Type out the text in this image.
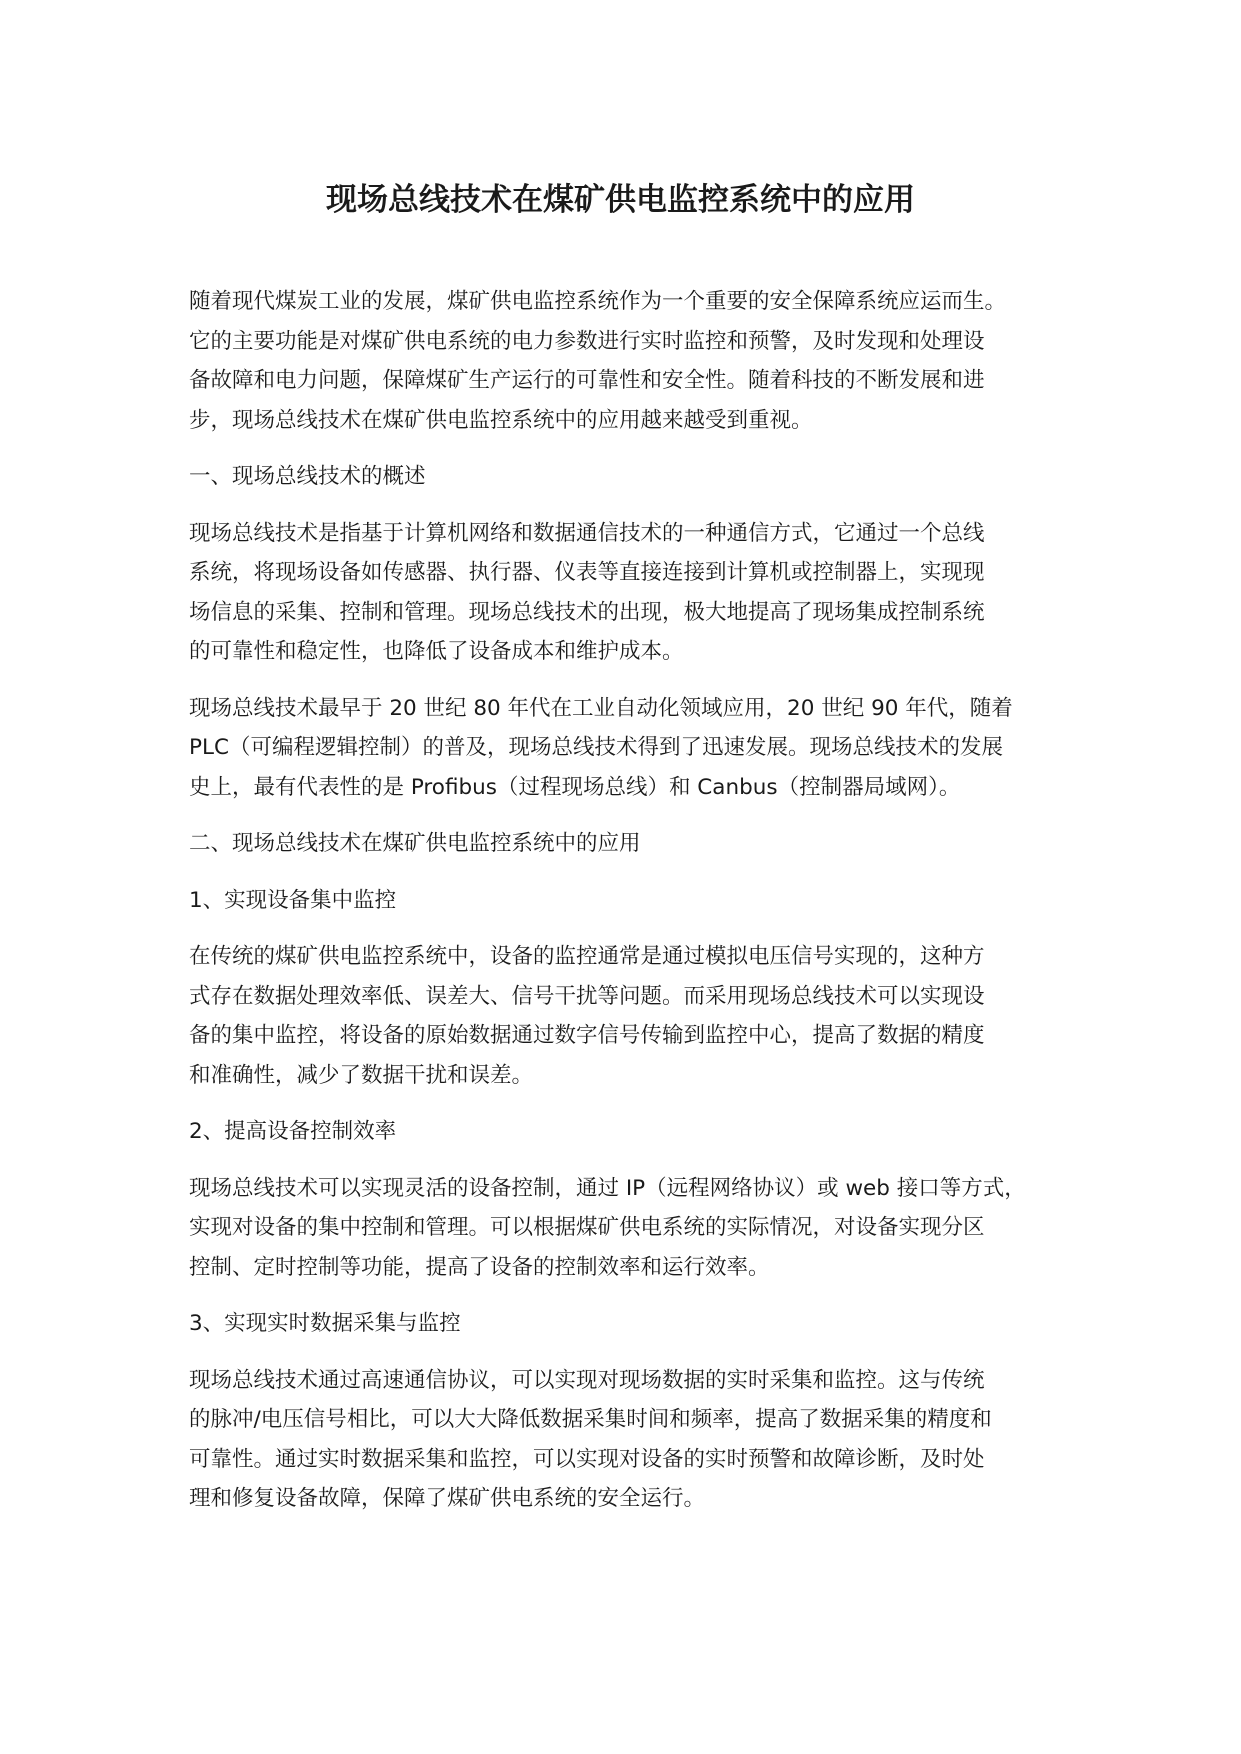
现场总线技术在煤矿供电监控系统中的应用
随着现代煤炭工业的发展，煤矿供电监控系统作为一个重要的安全保障系统应运而生。
它的主要功能是对煤矿供电系统的电力参数进行实时监控和预警，及时发现和处理设
备故障和电力问题，保障煤矿生产运行的可靠性和安全性。随着科技的不断发展和进
步，现场总线技术在煤矿供电监控系统中的应用越来越受到重视。
一、现场总线技术的概述
现场总线技术是指基于计算机网络和数据通信技术的一种通信方式，它通过一个总线
系统，将现场设备如传感器、执行器、仪表等直接连接到计算机或控制器上，实现现
场信息的采集、控制和管理。现场总线技术的出现，极大地提高了现场集成控制系统
的可靠性和稳定性，也降低了设备成本和维护成本。
现场总线技术最早于 20 世纪 80 年代在工业自动化领域应用，20 世纪 90 年代，随着
PLC（可编程逻辑控制）的普及，现场总线技术得到了迅速发展。现场总线技术的发展
史上，最有代表性的是 Profibus（过程现场总线）和 Canbus（控制器局域网）。
二、现场总线技术在煤矿供电监控系统中的应用
1、实现设备集中监控
在传统的煤矿供电监控系统中，设备的监控通常是通过模拟电压信号实现的，这种方
式存在数据处理效率低、误差大、信号干扰等问题。而采用现场总线技术可以实现设
备的集中监控，将设备的原始数据通过数字信号传输到监控中心，提高了数据的精度
和准确性，减少了数据干扰和误差。
2、提高设备控制效率
现场总线技术可以实现灵活的设备控制，通过 IP（远程网络协议）或 web 接口等方式，
实现对设备的集中控制和管理。可以根据煤矿供电系统的实际情况，对设备实现分区
控制、定时控制等功能，提高了设备的控制效率和运行效率。
3、实现实时数据采集与监控
现场总线技术通过高速通信协议，可以实现对现场数据的实时采集和监控。这与传统
的脉冲/电压信号相比，可以大大降低数据采集时间和频率，提高了数据采集的精度和
可靠性。通过实时数据采集和监控，可以实现对设备的实时预警和故障诊断，及时处
理和修复设备故障，保障了煤矿供电系统的安全运行。
